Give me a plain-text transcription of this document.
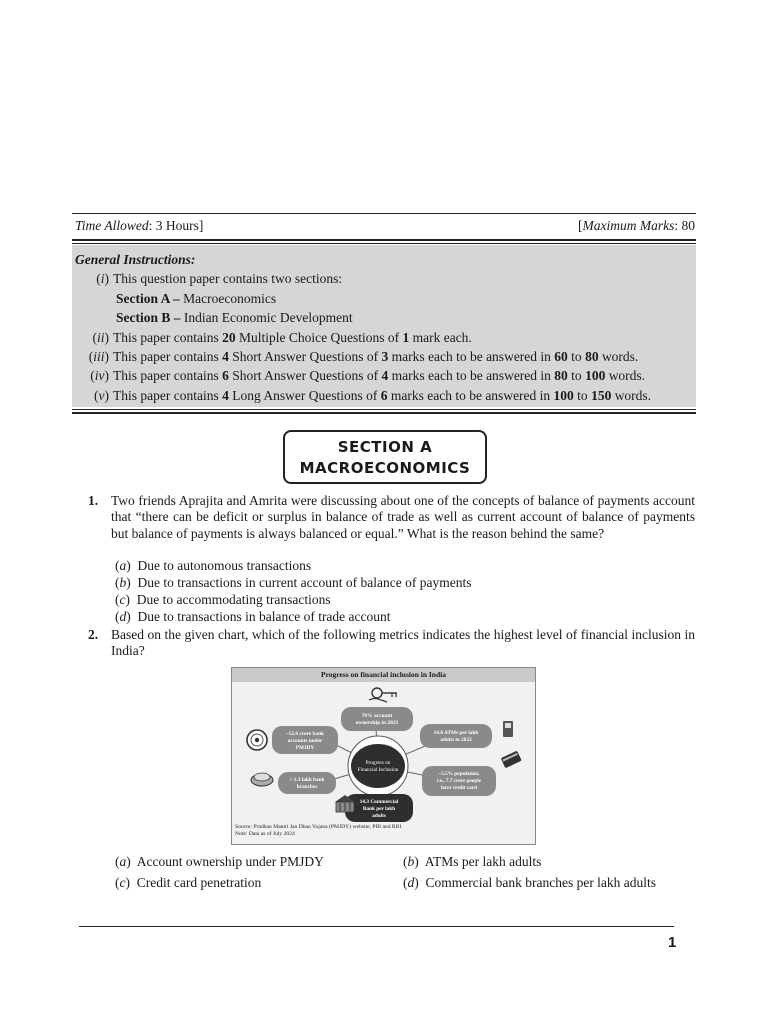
Time Allowed: 3 Hours]	[Maximum Marks: 80
General Instructions:
(i) This question paper contains two sections:
Section A – Macroeconomics
Section B – Indian Economic Development
(ii) This paper contains 20 Multiple Choice Questions of 1 mark each.
(iii) This paper contains 4 Short Answer Questions of 3 marks each to be answered in 60 to 80 words.
(iv) This paper contains 6 Short Answer Questions of 4 marks each to be answered in 80 to 100 words.
(v) This paper contains 4 Long Answer Questions of 6 marks each to be answered in 100 to 150 words.
SECTION A
MACROECONOMICS
1. Two friends Aprajita and Amrita were discussing about one of the concepts of balance of payments account that “there can be deficit or surplus in balance of trade as well as current account of balance of payments but balance of payments is always balanced or equal.” What is the reason behind the same?
(a)  Due to autonomous transactions
(b)  Due to transactions in current account of balance of payments
(c)  Due to accommodating transactions
(d)  Due to transactions in balance of trade account
2. Based on the given chart, which of the following metrics indicates the highest level of financial inclusion in India?
Progress on financial inclusion in India
78% account
ownership in 2021
~52.6 crore bank
accounts under
PMJDY
14.6 ATMs per lakh
adults in 2022
Progress on
Financial Inclusion
> 1.3 lakh bank
branches
~5.5% population,
i.e., 7.7 crore people
have credit card
14.3 Commercial
Bank per lakh
adults
Source: Pradhan Mantri Jan Dhan Yojana (PMJDY) website, PIB and RBI
Note: Data as of July 2024
(a)  Account ownership under PMJDY	(b)  ATMs per lakh adults
(c)  Credit card penetration	(d)  Commercial bank branches per lakh adults
1
